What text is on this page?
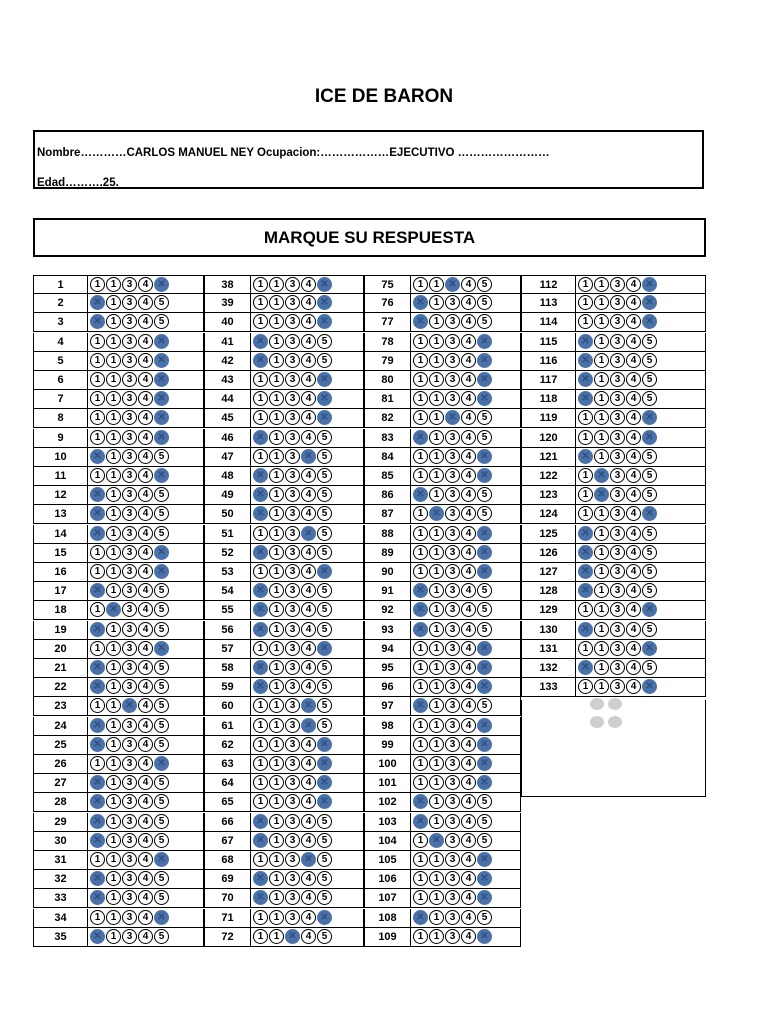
ICE DE BARON
Nombre…………CARLOS MANUEL NEY Ocupacion:………………EJECUTIVO ……………………
Edad……….25.
MARQUE SU RESPUESTA
1	1	1	3	4	5 ✕
2	1 ✕	1	3	4	5
3	1 ✕	1	3	4	5
4	1	1	3	4	5 ✕
5	1	1	3	4	5 ✕
6	1	1	3	4	5 ✕
7	1	1	3	4	5 ✕
8	1	1	3	4	5 ✕
9	1	1	3	4	5 ✕
10	1 ✕	1	3	4	5
11	1	1	3	4	5 ✕
12	1 ✕	1	3	4	5
13	1 ✕	1	3	4	5
14	1 ✕	1	3	4	5
15	1	1	3	4	5 ✕
16	1	1	3	4	5 ✕
17	1 ✕	1	3	4	5
18	1	1 ✕	3	4	5
19	1 ✕	1	3	4	5
20	1	1	3	4	5 ✕
21	1 ✕	1	3	4	5
22	1 ✕	1	3	4	5
23	1	1	3 ✕	4	5
24	1 ✕	1	3	4	5
25	1 ✕	1	3	4	5
26	1	1	3	4	5 ✕
27	1 ✕	1	3	4	5
28	1 ✕	1	3	4	5
29	1 ✕	1	3	4	5
30	1 ✕	1	3	4	5
31	1	1	3	4	5 ✕
32	1 ✕	1	3	4	5
33	1 ✕	1	3	4	5
34	1	1	3	4	5 ✕
35	1 ✕	1	3	4	5
38	1	1	3	4	5 ✕
39	1	1	3	4	5 ✕
40	1	1	3	4	5 ✕
41	1 ✕	1	3	4	5
42	1 ✕	1	3	4	5
43	1	1	3	4	5 ✕
44	1	1	3	4	5 ✕
45	1	1	3	4	5 ✕
46	1 ✕	1	3	4	5
47	1	1	3	4 ✕	5
48	1 ✕	1	3	4	5
49	1 ✕	1	3	4	5
50	1 ✕	1	3	4	5
51	1	1	3	4 ✕	5
52	1 ✕	1	3	4	5
53	1	1	3	4	5 ✕
54	1 ✕	1	3	4	5
55	1 ✕	1	3	4	5
56	1 ✕	1	3	4	5
57	1	1	3	4	5 ✕
58	1 ✕	1	3	4	5
59	1 ✕	1	3	4	5
60	1	1	3	4 ✕	5
61	1	1	3	4 ✕	5
62	1	1	3	4	5 ✕
63	1	1	3	4	5 ✕
64	1	1	3	4	5 ✕
65	1	1	3	4	5 ✕
66	1 ✕	1	3	4	5
67	1 ✕	1	3	4	5
68	1	1	3	4 ✕	5
69	1 ✕	1	3	4	5
70	1 ✕	1	3	4	5
71	1	1	3	4	5 ✕
72	1	1	3 ✕	4	5
75	1	1	3 ✕	4	5
76	1 ✕	1	3	4	5
77	1 ✕	1	3	4	5
78	1	1	3	4	5 ✕
79	1	1	3	4	5 ✕
80	1	1	3	4	5 ✕
81	1	1	3	4	5 ✕
82	1	1	3 ✕	4	5
83	1 ✕	1	3	4	5
84	1	1	3	4	5 ✕
85	1	1	3	4	5 ✕
86	1 ✕	1	3	4	5
87	1	1 ✕	3	4	5
88	1	1	3	4	5 ✕
89	1	1	3	4	5 ✕
90	1	1	3	4	5 ✕
91	1 ✕	1	3	4	5
92	1 ✕	1	3	4	5
93	1 ✕	1	3	4	5
94	1	1	3	4	5 ✕
95	1	1	3	4	5 ✕
96	1	1	3	4	5 ✕
97	1 ✕	1	3	4	5
98	1	1	3	4	5 ✕
99	1	1	3	4	5 ✕
100	1	1	3	4	5 ✕
101	1	1	3	4	5 ✕
102	1 ✕	1	3	4	5
103	1 ✕	1	3	4	5
104	1	1 ✕	3	4	5
105	1	1	3	4	5 ✕
106	1	1	3	4	5 ✕
107	1	1	3	4	5 ✕
108	1 ✕	1	3	4	5
109	1	1	3	4	5 ✕
112	1	1	3	4	5 ✕
113	1	1	3	4	5 ✕
114	1	1	3	4	5 ✕
115	1 ✕	1	3	4	5
116	1 ✕	1	3	4	5
117	1 ✕	1	3	4	5
118	1 ✕	1	3	4	5
119	1	1	3	4	5 ✕
120	1	1	3	4	5 ✕
121	1 ✕	1	3	4	5
122	1	1 ✕	3	4	5
123	1	1 ✕	3	4	5
124	1	1	3	4	5 ✕
125	1 ✕	1	3	4	5
126	1 ✕	1	3	4	5
127	1 ✕	1	3	4	5
128	1 ✕	1	3	4	5
129	1	1	3	4	5 ✕
130	1 ✕	1	3	4	5
131	1	1	3	4	5 ✕
132	1 ✕	1	3	4	5
133	1	1	3	4	5 ✕
